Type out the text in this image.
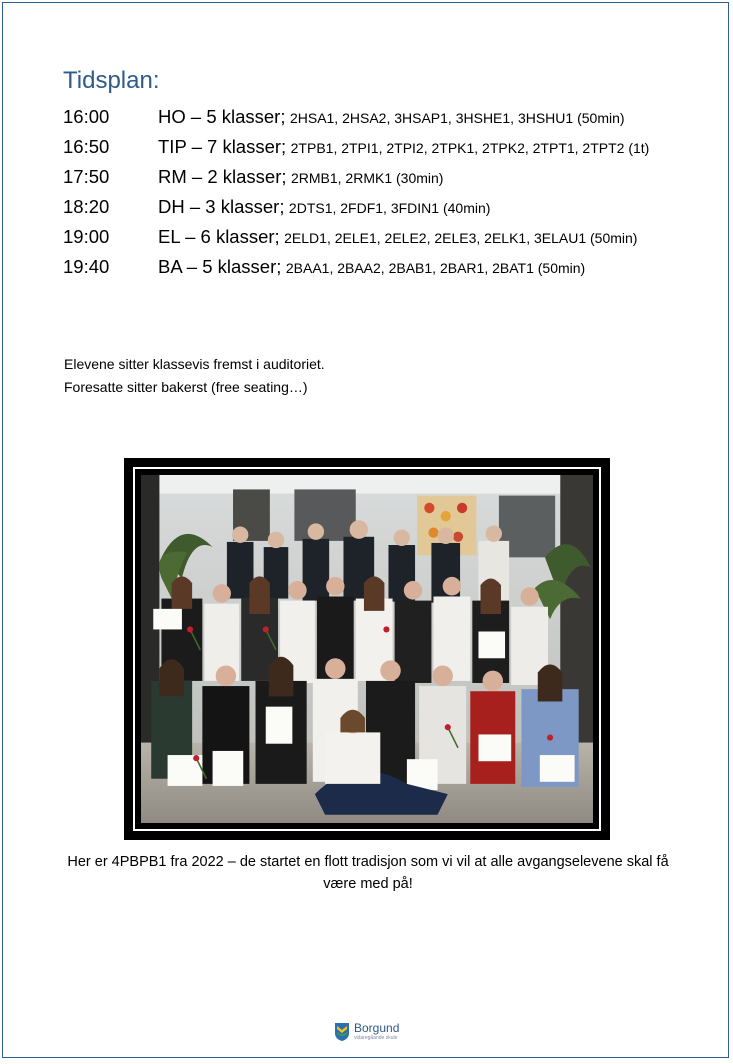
Tidsplan:
16:00	HO – 5 klasser; 2HSA1, 2HSA2, 3HSAP1, 3HSHE1, 3HSHU1 (50min)
16:50	TIP – 7 klasser; 2TPB1, 2TPI1, 2TPI2, 2TPK1, 2TPK2, 2TPT1, 2TPT2 (1t)
17:50	RM – 2 klasser; 2RMB1, 2RMK1 (30min)
18:20	DH – 3 klasser; 2DTS1, 2FDF1, 3FDIN1 (40min)
19:00	EL – 6 klasser; 2ELD1, 2ELE1, 2ELE2, 2ELE3, 2ELK1, 3ELAU1 (50min)
19:40	BA – 5 klasser; 2BAA1, 2BAA2, 2BAB1, 2BAR1, 2BAT1 (50min)
Elevene sitter klassevis fremst i auditoriet.
Foresatte sitter bakerst (free seating…)
Her er 4PBPB1 fra 2022 – de startet en flott tradisjon som vi vil at alle avgangselevene skal få
være med på!
Borgund
vidaregåande skule
